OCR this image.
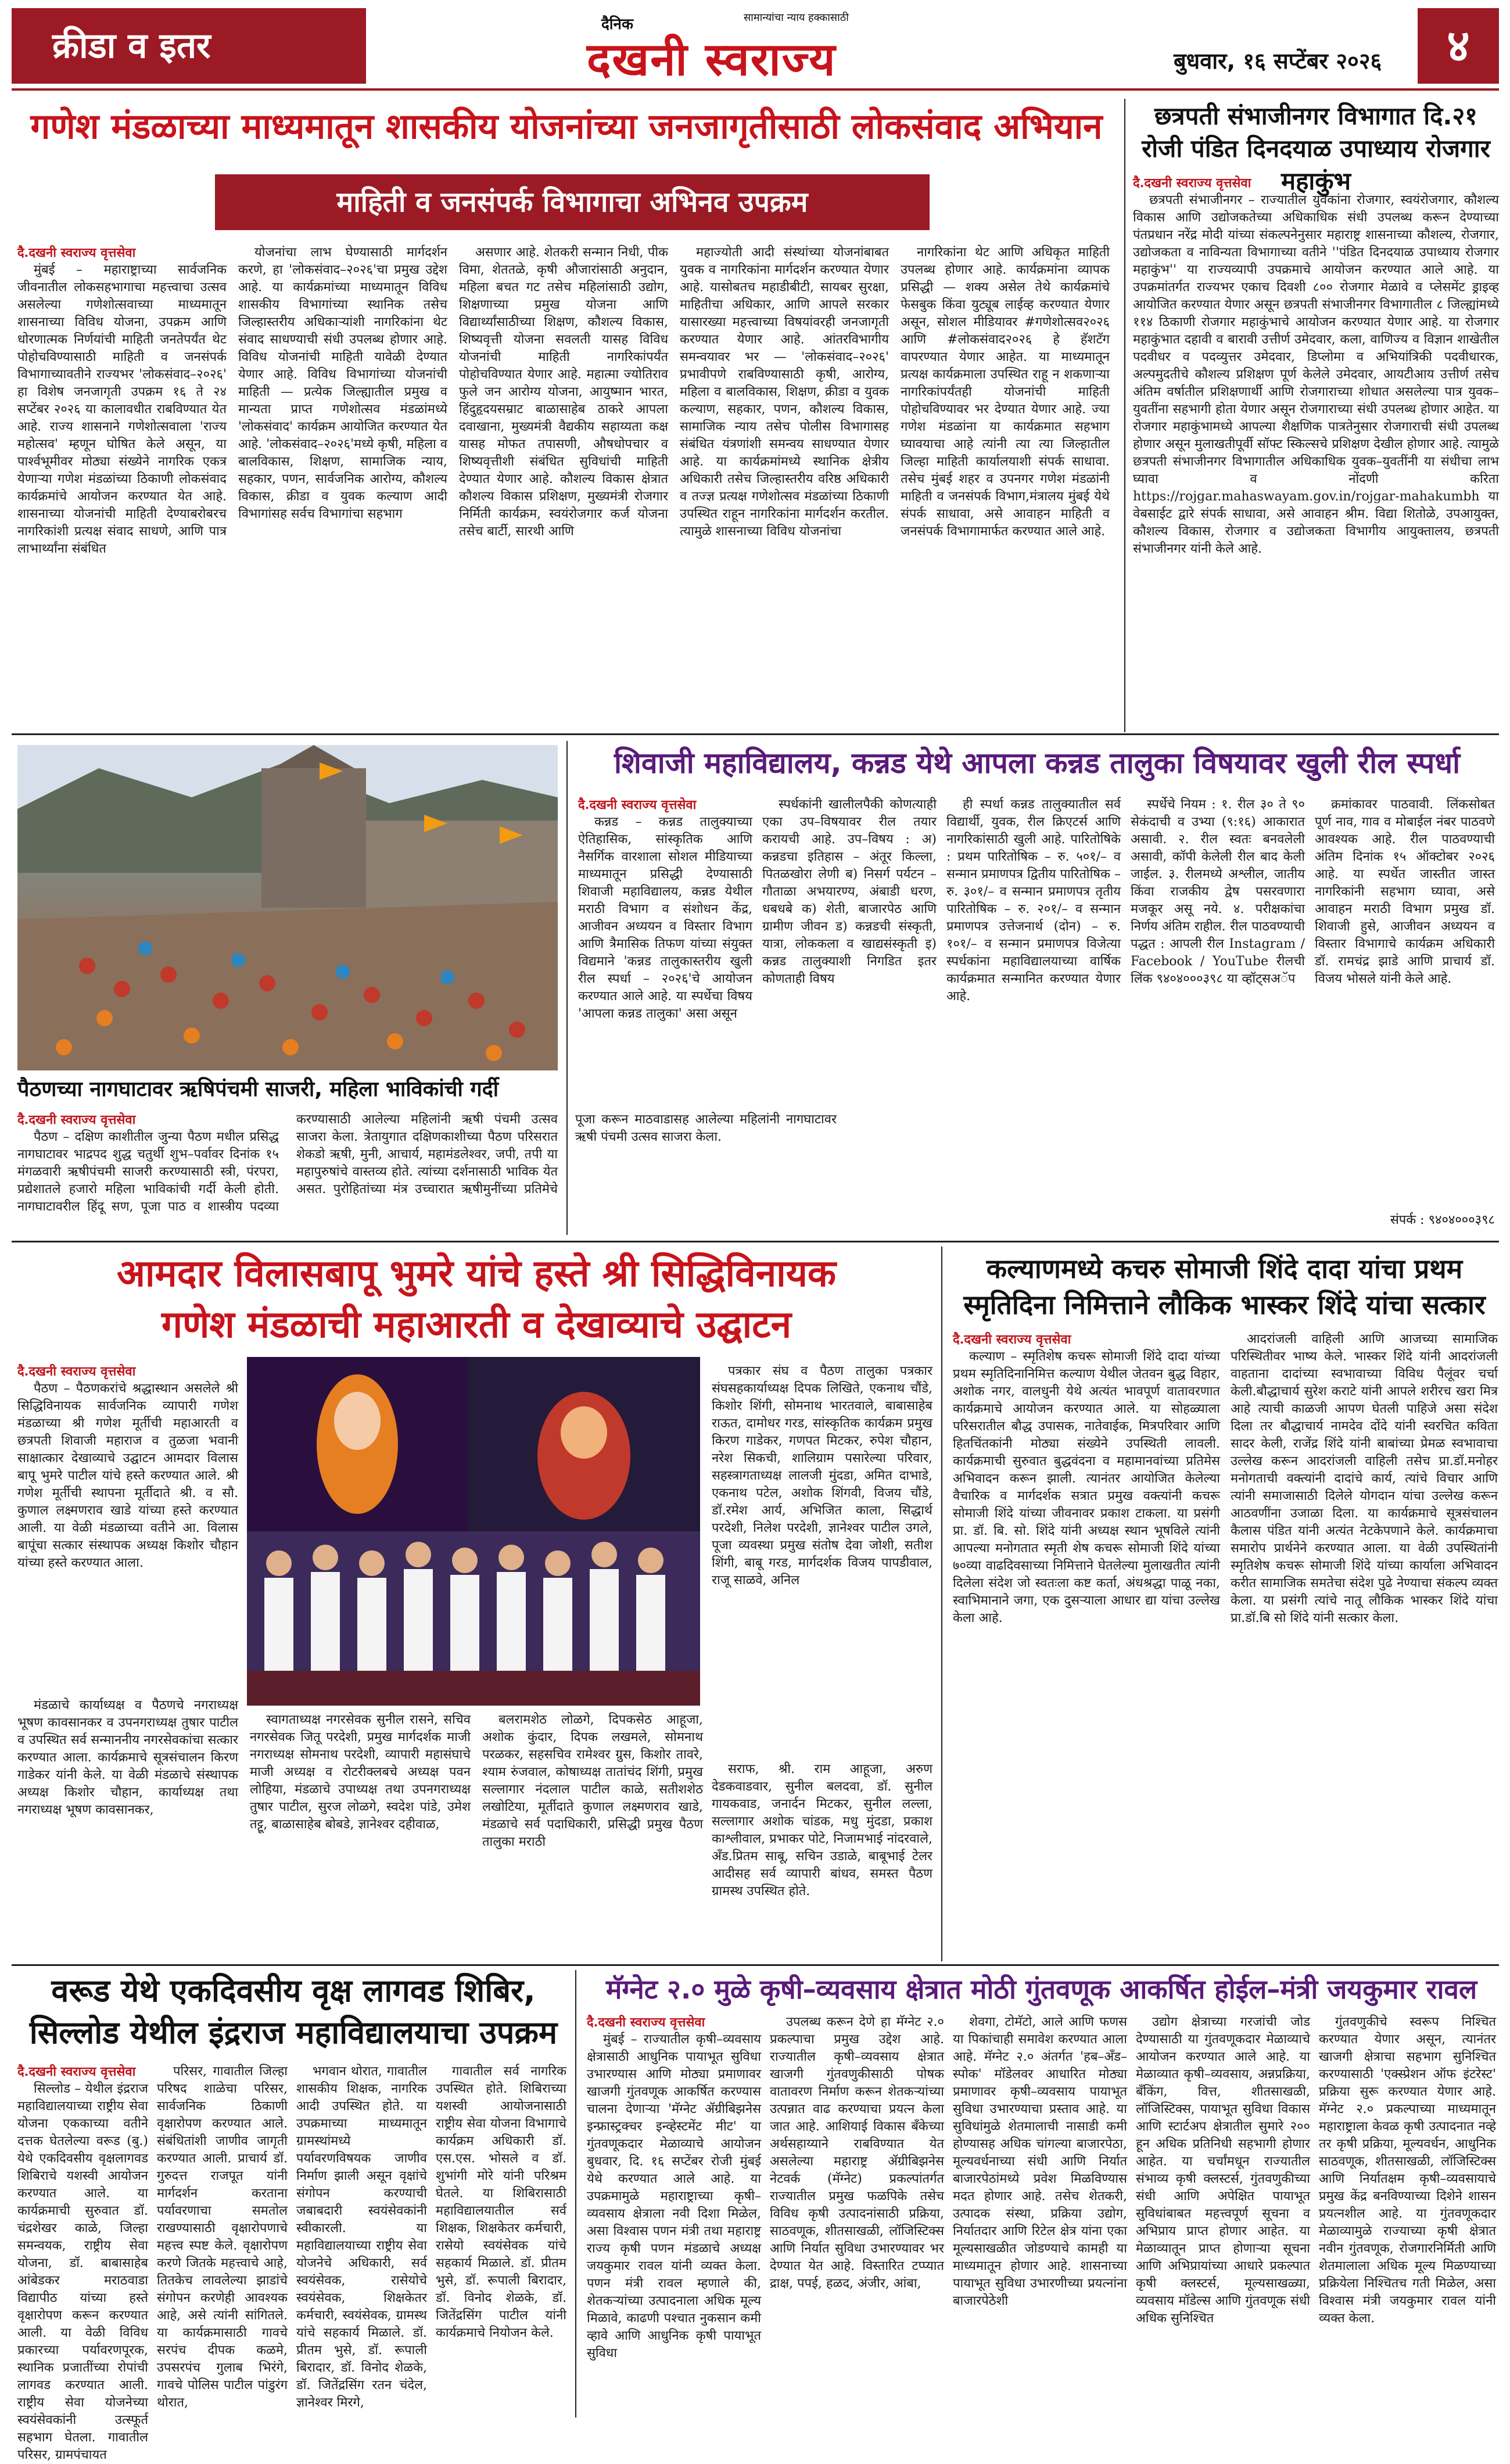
क्रीडा व इतर
दैनिक	सामान्यांचा न्याय हक्कासाठी
दखनी स्वराज्य	बुधवार, १६ सप्टेंबर २०२६	४
गणेश मंडळाच्या माध्यमातून शासकीय योजनांच्या जनजागृतीसाठी लोकसंवाद अभियान
माहिती व जनसंपर्क विभागाचा अभिनव उपक्रम
दै.दखनी स्वराज्य वृत्तसेवा
मुंबई – महाराष्ट्राच्या सार्वजनिक जीवनातील लोकसहभागाचा महत्त्वाचा उत्सव असलेल्या गणेशोत्सवाच्या माध्यमातून शासनाच्या विविध योजना, उपक्रम आणि धोरणात्मक निर्णयांची माहिती जनतेपर्यंत थेट पोहोचविण्यासाठी माहिती व जनसंपर्क विभागाच्यावतीने राज्यभर 'लोकसंवाद–२०२६' हा विशेष जनजागृती उपक्रम १६ ते २४ सप्टेंबर २०२६ या कालावधीत राबविण्यात येत आहे. राज्य शासनाने गणेशोत्सवाला 'राज्य महोत्सव' म्हणून घोषित केले असून, या पार्श्वभूमीवर मोठ्या संख्येने नागरिक एकत्र येणाऱ्या गणेश मंडळांच्या ठिकाणी लोकसंवाद कार्यक्रमांचे आयोजन करण्यात येत आहे. शासनाच्या योजनांची माहिती देण्याबरोबरच नागरिकांशी प्रत्यक्ष संवाद साधणे, आणि पात्र लाभार्थ्यांना संबंधित
योजनांचा लाभ घेण्यासाठी मार्गदर्शन करणे, हा 'लोकसंवाद–२०२६'चा प्रमुख उद्देश आहे. या कार्यक्रमांच्या माध्यमातून विविध शासकीय विभागांच्या स्थानिक तसेच जिल्हास्तरीय अधिकाऱ्यांशी नागरिकांना थेट संवाद साधण्याची संधी उपलब्ध होणार आहे. विविध योजनांची माहिती यावेळी देण्यात येणार आहे. विविध विभागांच्या योजनांची माहिती — प्रत्येक जिल्ह्यातील प्रमुख व मान्यता प्राप्त गणेशोत्सव मंडळांमध्ये 'लोकसंवाद' कार्यक्रम आयोजित करण्यात येत आहे. 'लोकसंवाद–२०२६'मध्ये कृषी, महिला व बालविकास, शिक्षण, सामाजिक न्याय, सहकार, पणन, सार्वजनिक आरोग्य, कौशल्य विकास, क्रीडा व युवक कल्याण आदी विभागांसह सर्वच विभागांचा सहभाग
असणार आहे. शेतकरी सन्मान निधी, पीक विमा, शेततळे, कृषी औजारांसाठी अनुदान, महिला बचत गट तसेच महिलांसाठी उद्योग, शिक्षणाच्या प्रमुख योजना आणि विद्यार्थ्यांसाठीच्या शिक्षण, कौशल्य विकास, शिष्यवृत्ती योजना सवलती यासह विविध योजनांची माहिती नागरिकांपर्यंत पोहोचविण्यात येणार आहे. महात्मा ज्योतिराव फुले जन आरोग्य योजना, आयुष्मान भारत, हिंदुहृदयसम्राट बाळासाहेब ठाकरे आपला दवाखाना, मुख्यमंत्री वैद्यकीय सहाय्यता कक्ष यासह मोफत तपासणी, औषधोपचार व शिष्यवृत्तीशी संबंधित सुविधांची माहिती देण्यात येणार आहे. कौशल्य विकास क्षेत्रात कौशल्य विकास प्रशिक्षण, मुख्यमंत्री रोजगार निर्मिती कार्यक्रम, स्वयंरोजगार कर्ज योजना तसेच बार्टी, सारथी आणि
महाज्योती आदी संस्थांच्या योजनांबाबत युवक व नागरिकांना मार्गदर्शन करण्यात येणार आहे. यासोबतच महाडीबीटी, सायबर सुरक्षा, माहितीचा अधिकार, आणि आपले सरकार यासारख्या महत्त्वाच्या विषयांवरही जनजागृती करण्यात येणार आहे. आंतरविभागीय समन्वयावर भर — 'लोकसंवाद–२०२६' प्रभावीपणे राबविण्यासाठी कृषी, आरोग्य, महिला व बालविकास, शिक्षण, क्रीडा व युवक कल्याण, सहकार, पणन, कौशल्य विकास, सामाजिक न्याय तसेच पोलीस विभागासह संबंधित यंत्रणांशी समन्वय साधण्यात येणार आहे. या कार्यक्रमांमध्ये स्थानिक क्षेत्रीय अधिकारी तसेच जिल्हास्तरीय वरिष्ठ अधिकारी व तज्ज्ञ प्रत्यक्ष गणेशोत्सव मंडळांच्या ठिकाणी उपस्थित राहून नागरिकांना मार्गदर्शन करतील. त्यामुळे शासनाच्या विविध योजनांचा
नागरिकांना थेट आणि अधिकृत माहिती उपलब्ध होणार आहे. कार्यक्रमांना व्यापक प्रसिद्धी — शक्य असेल तेथे कार्यक्रमांचे फेसबुक किंवा युट्यूब लाईव्ह करण्यात येणार असून, सोशल मीडियावर #गणेशोत्सव२०२६ आणि #लोकसंवाद२०२६ हे हॅशटॅग वापरण्यात येणार आहेत. या माध्यमातून प्रत्यक्ष कार्यक्रमाला उपस्थित राहू न शकणाऱ्या नागरिकांपर्यंतही योजनांची माहिती पोहोचविण्यावर भर देण्यात येणार आहे. ज्या गणेश मंडळांना या कार्यक्रमात सहभाग घ्यावयाचा आहे त्यांनी त्या त्या जिल्हातील जिल्हा माहिती कार्यालयाशी संपर्क साधावा. तसेच मुंबई शहर व उपनगर गणेश मंडळांनी माहिती व जनसंपर्क विभाग,मंत्रालय मुंबई येथे संपर्क साधावा, असे आवाहन माहिती व जनसंपर्क विभागामार्फत करण्यात आले आहे.
छत्रपती संभाजीनगर विभागात दि.२१ रोजी पंडित दिनदयाळ उपाध्याय रोजगार महाकुंभ
दै.दखनी स्वराज्य वृत्तसेवा
छत्रपती संभाजीनगर – राज्यातील युवकांना रोजगार, स्वयंरोजगार, कौशल्य विकास आणि उद्योजकतेच्या अधिकाधिक संधी उपलब्ध करून देण्याच्या पंतप्रधान नरेंद्र मोदी यांच्या संकल्पनेनुसार महाराष्ट्र शासनाच्या कौशल्य, रोजगार, उद्योजकता व नाविन्यता विभागाच्या वतीने ''पंडित दिनदयाळ उपाध्याय रोजगार महाकुंभ'' या राज्यव्यापी उपक्रमाचे आयोजन करण्यात आले आहे. या उपक्रमांतर्गत राज्यभर एकाच दिवशी ८०० रोजगार मेळावे व प्लेसमेंट ड्राइव्ह आयोजित करण्यात येणार असून छत्रपती संभाजीनगर विभागातील ८ जिल्ह्यांमध्ये ११४ ठिकाणी रोजगार महाकुंभाचे आयोजन करण्यात येणार आहे. या रोजगार महाकुंभात दहावी व बारावी उत्तीर्ण उमेदवार, कला, वाणिज्य व विज्ञान शाखेतील पदवीधर व पदव्युत्तर उमेदवार, डिप्लोमा व अभियांत्रिकी पदवीधारक, अल्पमुदतीचे कौशल्य प्रशिक्षण पूर्ण केलेले उमेदवार, आयटीआय उत्तीर्ण तसेच अंतिम वर्षातील प्रशिक्षणार्थी आणि रोजगाराच्या शोधात असलेल्या पात्र युवक–युवतींना सहभागी होता येणार असून रोजगाराच्या संधी उपलब्ध होणार आहेत. या रोजगार महाकुंभामध्ये आपल्या शैक्षणिक पात्रतेनुसार रोजगाराची संधी उपलब्ध होणार असून मुलाखतीपूर्वी सॉफ्ट स्किल्सचे प्रशिक्षण देखील होणार आहे. त्यामुळे छत्रपती संभाजीनगर विभागातील अधिकाधिक युवक–युवतींनी या संधीचा लाभ घ्यावा व नोंदणी करिता https://rojgar.mahaswayam.gov.in/rojgar-mahakumbh या वेबसाईट द्वारे संपर्क साधावा, असे आवाहन श्रीम. विद्या शितोळे, उपआयुक्त, कौशल्य विकास, रोजगार व उद्योजकता विभागीय आयुक्तालय, छत्रपती संभाजीनगर यांनी केले आहे.
पैठणच्या नागघाटावर ऋषिपंचमी साजरी, महिला भाविकांची गर्दी
दै.दखनी स्वराज्य वृत्तसेवा
पैठण – दक्षिण काशीतील जुन्या पैठण मधील प्रसिद्ध नागघाटावर भाद्रपद शुद्ध चतुर्थी शुभ–पर्वावर दिनांक १५ मंगळवारी ऋषीपंचमी साजरी करण्यासाठी स्त्री, पंरपरा, प्रद्येशातले हजारो महिला भाविकांची गर्दी केली होती. नागघाटावरील हिंदू सण, पूजा पाठ व शास्त्रीय पदव्या करण्यासाठी आलेल्या महिलांनी ऋषी पंचमी उत्सव साजरा केला. त्रेतायुगात दक्षिणकाशीच्या पैठण परिसरात शेकडो ऋषी, मुनी, आचार्य, महामंडलेश्वर, जपी, तपी या महापुरुषांचे वास्तव्य होते. त्यांच्या दर्शनासाठी भाविक येत असत. पुरोहितांच्या मंत्र उच्चारात ऋषीमुनींच्या प्रतिमेचे पूजा करून माठवाडासह आलेल्या महिलांनी नागघाटावर ऋषी पंचमी उत्सव साजरा केला.
शिवाजी महाविद्यालय, कन्नड येथे आपला कन्नड तालुका विषयावर खुली रील स्पर्धा
दै.दखनी स्वराज्य वृत्तसेवा
कन्नड – कन्नड तालुक्याच्या ऐतिहासिक, सांस्कृतिक आणि नैसर्गिक वारशाला सोशल मीडियाच्या माध्यमातून प्रसिद्धी देण्यासाठी शिवाजी महाविद्यालय, कन्नड येथील मराठी विभाग व संशोधन केंद्र, आजीवन अध्ययन व विस्तार विभाग आणि त्रैमासिक तिफण यांच्या संयुक्त विद्यमाने 'कन्नड तालुकास्तरीय खुली रील स्पर्धा – २०२६'चे आयोजन करण्यात आले आहे. या स्पर्धेचा विषय 'आपला कन्नड तालुका' असा असून
स्पर्धकांनी खालीलपैकी कोणत्याही एका उप–विषयावर रील तयार करायची आहे. उप–विषय : अ) कन्नडचा इतिहास – अंतूर किल्ला, पितळखोरा लेणी ब) निसर्ग पर्यटन – गौताळा अभयारण्य, अंबाडी धरण, धबधबे क) शेती, बाजारपेठ आणि ग्रामीण जीवन ड) कन्नडची संस्कृती, यात्रा, लोककला व खाद्यसंस्कृती इ) कन्नड तालुक्याशी निगडित इतर कोणताही विषय
ही स्पर्धा कन्नड तालुक्यातील सर्व विद्यार्थी, युवक, रील क्रिएटर्स आणि नागरिकांसाठी खुली आहे. पारितोषिके : प्रथम पारितोषिक – रु. ५०१/– व सन्मान प्रमाणपत्र द्वितीय पारितोषिक – रु. ३०१/– व सन्मान प्रमाणपत्र तृतीय पारितोषिक – रु. २०१/– व सन्मान प्रमाणपत्र उत्तेजनार्थ (दोन) – रु. १०१/– व सन्मान प्रमाणपत्र विजेत्या स्पर्धकांना महाविद्यालयाच्या वार्षिक कार्यक्रमात सन्मानित करण्यात येणार आहे.
स्पर्धेचे नियम : १. रील ३० ते ९० सेकंदाची व उभ्या (९:१६) आकारात असावी. २. रील स्वतः बनवलेली असावी, कॉपी केलेली रील बाद केली जाईल. ३. रीलमध्ये अश्लील, जातीय किंवा राजकीय द्वेष पसरवणारा मजकूर असू नये. ४. परीक्षकांचा निर्णय अंतिम राहील. रील पाठवण्याची पद्धत : आपली रील Instagram / Facebook / YouTube रीलची लिंक ९४०४०००३९८ या व्हॉट्सअॅप
क्रमांकावर पाठवावी. लिंकसोबत पूर्ण नाव, गाव व मोबाईल नंबर पाठवणे आवश्यक आहे. रील पाठवण्याची अंतिम दिनांक १५ ऑक्टोबर २०२६ आहे. या स्पर्धेत जास्तीत जास्त नागरिकांनी सहभाग घ्यावा, असे आवाहन मराठी विभाग प्रमुख डॉ. शिवाजी हुसे, आजीवन अध्ययन व विस्तार विभागाचे कार्यक्रम अधिकारी डॉ. रामचंद्र झाडे आणि प्राचार्य डॉ. विजय भोसले यांनी केले आहे.
संपर्क : ९४०४०००३९८
आमदार विलासबापू भुमरे यांचे हस्ते श्री सिद्धिविनायक
गणेश मंडळाची महाआरती व देखाव्याचे उद्घाटन
दै.दखनी स्वराज्य वृत्तसेवा
पैठण – पैठणकरांचे श्रद्धास्थान असलेले श्री सिद्धिविनायक सार्वजनिक व्यापारी गणेश मंडळाच्या श्री गणेश मूर्तीची महाआरती व छत्रपती शिवाजी महाराज व तुळजा भवानी साक्षात्कार देखाव्याचे उद्घाटन आमदार विलास बापू भुमरे पाटील यांचे हस्ते करण्यात आले. श्री गणेश मूर्तीची स्थापना मूर्तीदाते श्री. व सौ. कुणाल लक्ष्मणराव खाडे यांच्या हस्ते करण्यात आली. या वेळी मंडळाच्या वतीने आ. विलास बापूंचा सत्कार संस्थापक अध्यक्ष किशोर चौहान यांच्या हस्ते करण्यात आला.
मंडळाचे कार्याध्यक्ष व पैठणचे नगराध्यक्ष भूषण कावसानकर व उपनगराध्यक्ष तुषार पाटील व उपस्थित सर्व सन्माननीय नगरसेवकांचा सत्कार करण्यात आला. कार्यक्रमाचे सूत्रसंचालन किरण गाडेकर यांनी केले. या वेळी मंडळाचे संस्थापक अध्यक्ष किशोर चौहान, कार्याध्यक्ष तथा नगराध्यक्ष भूषण कावसानकर,
स्वागताध्यक्ष नगरसेवक सुनील रासने, सचिव नगरसेवक जितू परदेशी, प्रमुख मार्गदर्शक माजी नगराध्यक्ष सोमनाथ परदेशी, व्यापारी महासंघाचे माजी अध्यक्ष व रोटरीक्लबचे अध्यक्ष पवन लोहिया, मंडळाचे उपाध्यक्ष तथा उपनगराध्यक्ष तुषार पाटील, सुरज लोळगे, स्वदेश पांडे, उमेश तट्टू, बाळासाहेब बोबडे, ज्ञानेश्वर दहीवाळ,
बलरामशेठ लोळगे, दिपकसेठ आहूजा, अशोक कुंदार, दिपक लखमले, सोमनाथ परळकर, सहसचिव रामेश्वर ग्रुस, किशोर तावरे, श्याम रुंजवाल, कोषाध्यक्ष तातांचंद शिंगी, प्रमुख सल्लागार नंदलाल पाटील काळे, सतीशशेठ लखोटिया, मूर्तीदाते कुणाल लक्ष्मणराव खाडे, मंडळाचे सर्व पदाधिकारी, प्रसिद्धी प्रमुख पैठण तालुका मराठी
पत्रकार संघ व पैठण तालुका पत्रकार संघसहकार्याध्यक्ष दिपक लिखिते, एकनाथ चौंडे, किशोर शिंगी, सोमनाथ भारतवाले, बाबासाहेब राऊत, दामोधर गरड, सांस्कृतिक कार्यक्रम प्रमुख किरण गाडेकर, गणपत मिटकर, रुपेश चौहान, नरेश सिकची, शालिग्राम पसारेल्या परिवार, सहस्त्रागताध्यक्ष लालजी मुंदडा, अमित दाभाडे, एकनाथ पटेल, अशोक शिंगवी, विजय चौंडे, डॉ.रमेश आर्य, अभिजित काला, सिद्धार्थ परदेशी, निलेश परदेशी, ज्ञानेश्वर पाटील उगले, पूजा व्यवस्था प्रमुख संतोष देवा जोशी, सतीश शिंगी, बाबू गरड, मार्गदर्शक विजय पापडीवाल, राजू साळवे, अनिल
सराफ, श्री. राम आहूजा, अरुण देडकवाडवार, सुनील बलदवा, डॉ. सुनील गायकवाड, जनार्दन मिटकर, सुनील लल्ला, सल्लागार अशोक चांडक, मधु मुंदडा, प्रकाश काश्लीवाल, प्रभाकर पोटे, निजामभाई नांदरवाले, अँड.प्रितम साबू, सचिन उडाळे, बाबूभाई टेलर आदीसह सर्व व्यापारी बांधव, समस्त पैठण ग्रामस्थ उपस्थित होते.
कल्याणमध्ये कचरु सोमाजी शिंदे दादा यांचा प्रथम स्मृतिदिना निमित्ताने लौकिक भास्कर शिंदे यांचा सत्कार
दै.दखनी स्वराज्य वृत्तसेवा
कल्याण – स्मृतिशेष कचरू सोमाजी शिंदे दादा यांच्या प्रथम स्मृतिदिनानिमित्त कल्याण येथील जेतवन बुद्ध विहार, अशोक नगर, वालधुनी येथे अत्यंत भावपूर्ण वातावरणात कार्यक्रमाचे आयोजन करण्यात आले. या सोहळ्याला परिसरातील बौद्ध उपासक, नातेवाईक, मित्रपरिवार आणि हितचिंतकांनी मोठ्या संख्येने उपस्थिती लावली. कार्यक्रमाची सुरुवात बुद्धवंदना व महामानवांच्या प्रतिमेस अभिवादन करून झाली. त्यानंतर आयोजित केलेल्या वैचारिक व मार्गदर्शक सत्रात प्रमुख वक्त्यांनी कचरू सोमाजी शिंदे यांच्या जीवनावर प्रकाश टाकला. या प्रसंगी प्रा. डॉ. बि. सो. शिंदे यांनी अध्यक्ष स्थान भूषविले त्यांनी आपल्या मनोगतात स्मृती शेष कचरू सोमाजी शिंदे यांच्या ७०व्या वाढदिवसाच्या निमित्ताने घेतलेल्या मुलाखतीत त्यांनी दिलेला संदेश जो स्वतःला कष्ट कर्ता, अंधश्रद्धा पाळू नका, स्वाभिमानाने जगा, एक दुसऱ्याला आधार द्या यांचा उल्लेख केला आहे.
आदरांजली वाहिली आणि आजच्या सामाजिक परिस्थितीवर भाष्य केले. भास्कर शिंदे यांनी आदरांजली वाहताना दादांच्या स्वभावाच्या विविध पैलूंवर चर्चा केली.बौद्धाचार्य सुरेश कराटे यांनी आपले शरीरच खरा मित्र आहे त्याची काळजी आपण घेतली पाहिजे असा संदेश दिला तर बौद्धाचार्य नामदेव दोंदे यांनी स्वरचित कविता सादर केली, राजेंद्र शिंदे यांनी बाबांच्या प्रेमळ स्वभावाचा उल्लेख करून आदरांजली वाहिली तसेच प्रा.डॉ.मनोहर मनोगताची वक्त्यांनी दादांचे कार्य, त्यांचे विचार आणि त्यांनी समाजासाठी दिलेले योगदान यांचा उल्लेख करून आठवणींना उजाळा दिला. या कार्यक्रमाचे सूत्रसंचालन कैलास पंडित यांनी अत्यंत नेटकेपणाने केले. कार्यक्रमाचा समारोप प्रार्थनेने करण्यात आला. या वेळी उपस्थितांनी स्मृतिशेष कचरू सोमाजी शिंदे यांच्या कार्याला अभिवादन करीत सामाजिक समतेचा संदेश पुढे नेण्याचा संकल्प व्यक्त केला. या प्रसंगी त्यांचे नातू लौकिक भास्कर शिंदे यांचा प्रा.डॉ.बि सो शिंदे यांनी सत्कार केला.
वरूड येथे एकदिवसीय वृक्ष लागवड शिबिर,
सिल्लोड येथील इंद्रराज महाविद्यालयाचा उपक्रम
दै.दखनी स्वराज्य वृत्तसेवा
सिल्लोड – येथील इंद्रराज महाविद्यालयाच्या राष्ट्रीय सेवा योजना एककाच्या वतीने दत्तक घेतलेल्या वरूड (बु.) येथे एकदिवसीय वृक्षलागवड शिबिराचे यशस्वी आयोजन करण्यात आले. या कार्यक्रमाची सुरुवात डॉ. चंद्रशेखर काळे, जिल्हा समन्वयक, राष्ट्रीय सेवा योजना, डॉ. बाबासाहेब आंबेडकर मराठवाडा विद्यापीठ यांच्या हस्ते वृक्षारोपण करून करण्यात आली. या वेळी विविध प्रकारच्या पर्यावरणपूरक, स्थानिक प्रजातींच्या रोपांची लागवड करण्यात आली. राष्ट्रीय सेवा योजनेच्या स्वयंसेवकांनी उत्स्फूर्त सहभाग घेतला. गावातील परिसर, ग्रामपंचायत
परिसर, गावातील जिल्हा परिषद शाळेचा परिसर, सार्वजनिक ठिकाणी वृक्षारोपण करण्यात आले. संबंधितांशी जाणीव जागृती करण्यात आली. प्राचार्य डॉ. गुरुदत्त राजपूत यांनी मार्गदर्शन करताना पर्यावरणाचा समतोल राखण्यासाठी वृक्षारोपणाचे महत्त्व स्पष्ट केले. वृक्षारोपण करणे जितके महत्त्वाचे आहे, तितकेच लावलेल्या झाडांचे संगोपन करणेही आवश्यक आहे, असे त्यांनी सांगितले. या कार्यक्रमासाठी गावचे सरपंच दीपक कळमे, उपसरपंच गुलाब भिरंगे, गावचे पोलिस पाटील पांडुरंग थोरात,
भगवान थोरात, गावातील शासकीय शिक्षक, नागरिक आदी उपस्थित होते. या उपक्रमाच्या माध्यमातून ग्रामस्थांमध्ये पर्यावरणविषयक जाणीव निर्माण झाली असून वृक्षांचे संगोपन करण्याची जबाबदारी स्वयंसेवकांनी स्वीकारली. या महाविद्यालयाच्या राष्ट्रीय सेवा योजनेचे अधिकारी, सर्व स्वयंसेवक, रासेयोचे स्वयंसेवक, शिक्षकेतर कर्मचारी, स्वयंसेवक, ग्रामस्थ यांचे सहकार्य मिळाले. डॉ. प्रीतम भुसे, डॉ. रूपाली बिरादार, डॉ. विनोद शेळके, डॉ. जितेंद्रसिंग रतन चंदेल, ज्ञानेश्वर मिरगे,
गावातील सर्व नागरिक उपस्थित होते. शिबिराच्या यशस्वी आयोजनासाठी राष्ट्रीय सेवा योजना विभागाचे कार्यक्रम अधिकारी डॉ. एस.एस. भोसले व डॉ. शुभांगी मोरे यांनी परिश्रम घेतले. या शिबिरासाठी महाविद्यालयातील सर्व शिक्षक, शिक्षकेतर कर्मचारी, रासेयो स्वयंसेवक यांचे सहकार्य मिळाले. डॉ. प्रीतम भुसे, डॉ. रूपाली बिरादार, डॉ. विनोद शेळके, डॉ. जितेंद्रसिंग पाटील यांनी कार्यक्रमाचे नियोजन केले.
मॅग्नेट २.० मुळे कृषी–व्यवसाय क्षेत्रात मोठी गुंतवणूक आकर्षित होईल–मंत्री जयकुमार रावल
दै.दखनी स्वराज्य वृत्तसेवा
मुंबई – राज्यातील कृषी–व्यवसाय क्षेत्रासाठी आधुनिक पायाभूत सुविधा उभारण्यास आणि मोठ्या प्रमाणावर खाजगी गुंतवणूक आकर्षित करण्यास चालना देणाऱ्या 'मॅग्नेट ॲग्रीबिझनेस इन्फ्रास्ट्रक्चर इन्व्हेस्टमेंट मीट' या गुंतवणूकदार मेळाव्याचे आयोजन बुधवार, दि. १६ सप्टेंबर रोजी मुंबई येथे करण्यात आले आहे. या उपक्रमामुळे महाराष्ट्राच्या कृषी–व्यवसाय क्षेत्राला नवी दिशा मिळेल, असा विश्वास पणन मंत्री तथा महाराष्ट्र राज्य कृषी पणन मंडळाचे अध्यक्ष जयकुमार रावल यांनी व्यक्त केला. पणन मंत्री रावल म्हणाले की, शेतकऱ्यांच्या उत्पादनाला अधिक मूल्य मिळावे, काढणी पश्चात नुकसान कमी व्हावे आणि आधुनिक कृषी पायाभूत सुविधा
उपलब्ध करून देणे हा मॅग्नेट २.० प्रकल्पाचा प्रमुख उद्देश आहे. राज्यातील कृषी–व्यवसाय क्षेत्रात खाजगी गुंतवणुकीसाठी पोषक वातावरण निर्माण करून शेतकऱ्यांच्या उत्पन्नात वाढ करण्याचा प्रयत्न केला जात आहे. आशियाई विकास बँकेच्या अर्थसहाय्याने राबविण्यात येत असलेल्या महाराष्ट्र ॲग्रीबिझनेस नेटवर्क (मॅग्नेट) प्रकल्पांतर्गत राज्यातील प्रमुख फळपिके तसेच विविध कृषी उत्पादनांसाठी प्रक्रिया, साठवणूक, शीतसाखळी, लॉजिस्टिक्स आणि निर्यात सुविधा उभारण्यावर भर देण्यात येत आहे. विस्तारित टप्प्यात द्राक्ष, पपई, हळद, अंजीर, आंबा,
शेवगा, टोमॅटो, आले आणि फणस या पिकांचाही समावेश करण्यात आला आहे. मॅग्नेट २.० अंतर्गत 'हब–अँड–स्पोक' मॉडेलवर आधारित मोठ्या प्रमाणावर कृषी–व्यवसाय पायाभूत सुविधा उभारण्याचा प्रस्ताव आहे. या सुविधांमुळे शेतमालाची नासाडी कमी होण्यासह अधिक चांगल्या बाजारपेठा, मूल्यवर्धनाच्या संधी आणि निर्यात बाजारपेठांमध्ये प्रवेश मिळविण्यास मदत होणार आहे. तसेच शेतकरी, उत्पादक संस्था, प्रक्रिया उद्योग, निर्यातदार आणि रिटेल क्षेत्र यांना एका मूल्यसाखळीत जोडण्याचे कामही या माध्यमातून होणार आहे. शासनाच्या पायाभूत सुविधा उभारणीच्या प्रयत्नांना बाजारपेठेशी
उद्योग क्षेत्राच्या गरजांची जोड देण्यासाठी या गुंतवणूकदार मेळाव्याचे आयोजन करण्यात आले आहे. या मेळाव्यात कृषी–व्यवसाय, अन्नप्रक्रिया, बँकिंग, वित्त, शीतसाखळी, लॉजिस्टिक्स, पायाभूत सुविधा विकास आणि स्टार्टअप क्षेत्रातील सुमारे २०० हून अधिक प्रतिनिधी सहभागी होणार आहेत. या चर्चांमधून राज्यातील संभाव्य कृषी क्लस्टर्स, गुंतवणुकीच्या संधी आणि अपेक्षित पायाभूत सुविधांबाबत महत्त्वपूर्ण सूचना व अभिप्राय प्राप्त होणार आहेत. या मेळाव्यातून प्राप्त होणाऱ्या सूचना आणि अभिप्रायांच्या आधारे प्रकल्पात कृषी क्लस्टर्स, मूल्यसाखळ्या, व्यवसाय मॉडेल्स आणि गुंतवणूक संधी अधिक सुनिश्चित
गुंतवणुकीचे स्वरूप निश्चित करण्यात येणार असून, त्यानंतर खाजगी क्षेत्राचा सहभाग सुनिश्चित करण्यासाठी 'एक्स्प्रेशन ऑफ इंटरेस्ट' प्रक्रिया सुरू करण्यात येणार आहे. मॅग्नेट २.० प्रकल्पाच्या माध्यमातून महाराष्ट्राला केवळ कृषी उत्पादनात नव्हे तर कृषी प्रक्रिया, मूल्यवर्धन, आधुनिक साठवणूक, शीतसाखळी, लॉजिस्टिक्स आणि निर्यातक्षम कृषी–व्यवसायाचे प्रमुख केंद्र बनविण्याच्या दिशेने शासन प्रयत्नशील आहे. या गुंतवणूकदार मेळाव्यामुळे राज्याच्या कृषी क्षेत्रात नवीन गुंतवणूक, रोजगारनिर्मिती आणि शेतमालाला अधिक मूल्य मिळण्याच्या प्रक्रियेला निश्चितच गती मिळेल, असा विश्वास मंत्री जयकुमार रावल यांनी व्यक्त केला.
